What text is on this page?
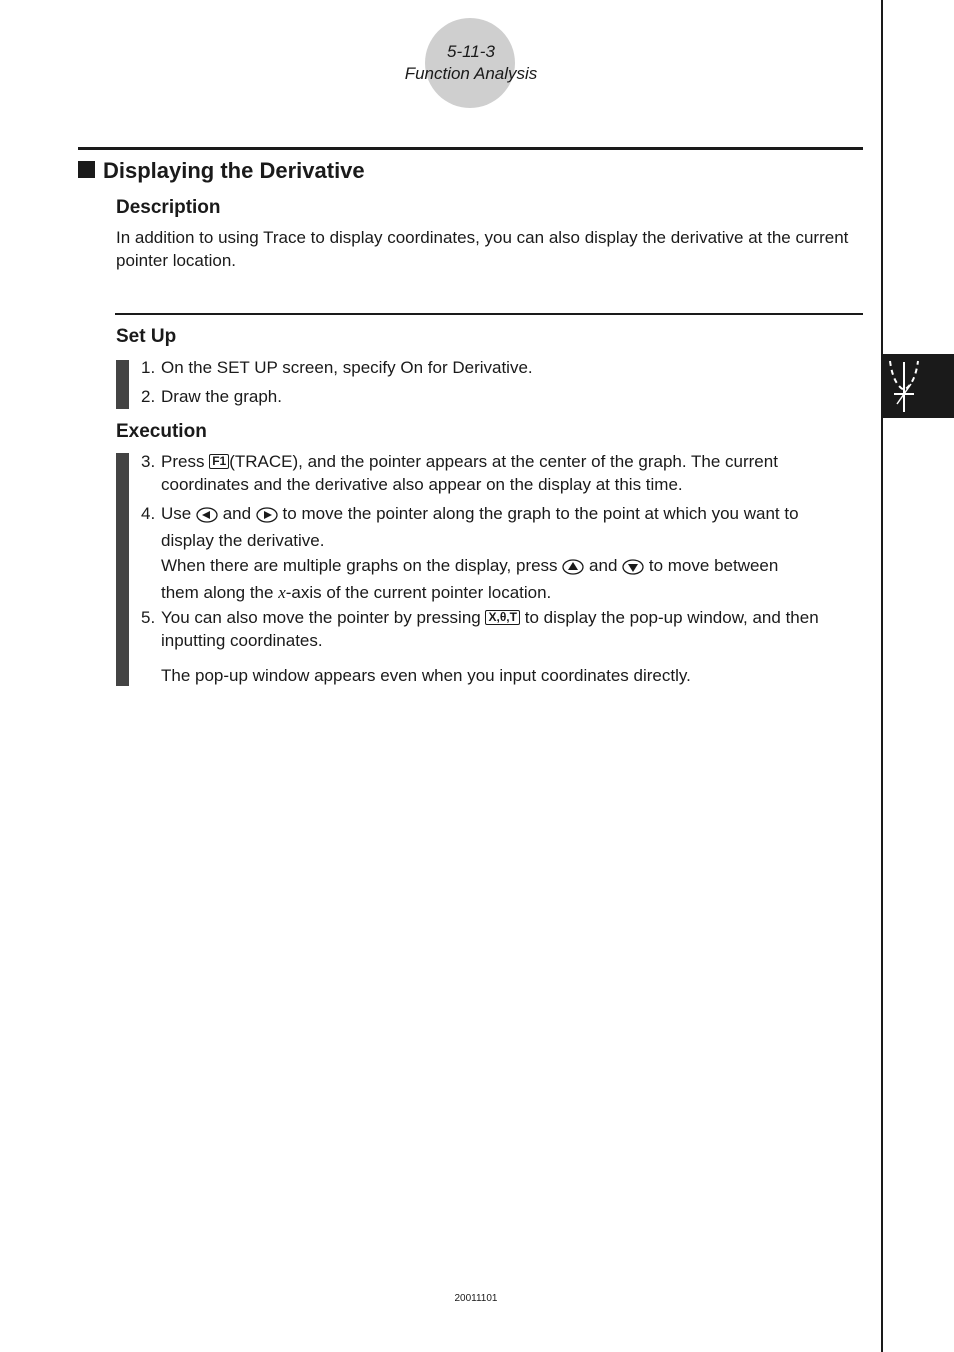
5-11-3
Function Analysis
Displaying the Derivative
Description
In addition to using Trace to display coordinates, you can also display the derivative at the current pointer location.
Set Up
1. On the SET UP screen, specify On for Derivative.
2. Draw the graph.
Execution
3. Press F1 (TRACE), and the pointer appears at the center of the graph. The current
coordinates and the derivative also appear on the display at this time.
4. Use and to move the pointer along the graph to the point at which you want to
display the derivative.
When there are multiple graphs on the display, press and to move between
them along the x-axis of the current pointer location.
5. You can also move the pointer by pressing X,θ,T to display the pop-up window, and then
inputting coordinates.
The pop-up window appears even when you input coordinates directly.
20011101
